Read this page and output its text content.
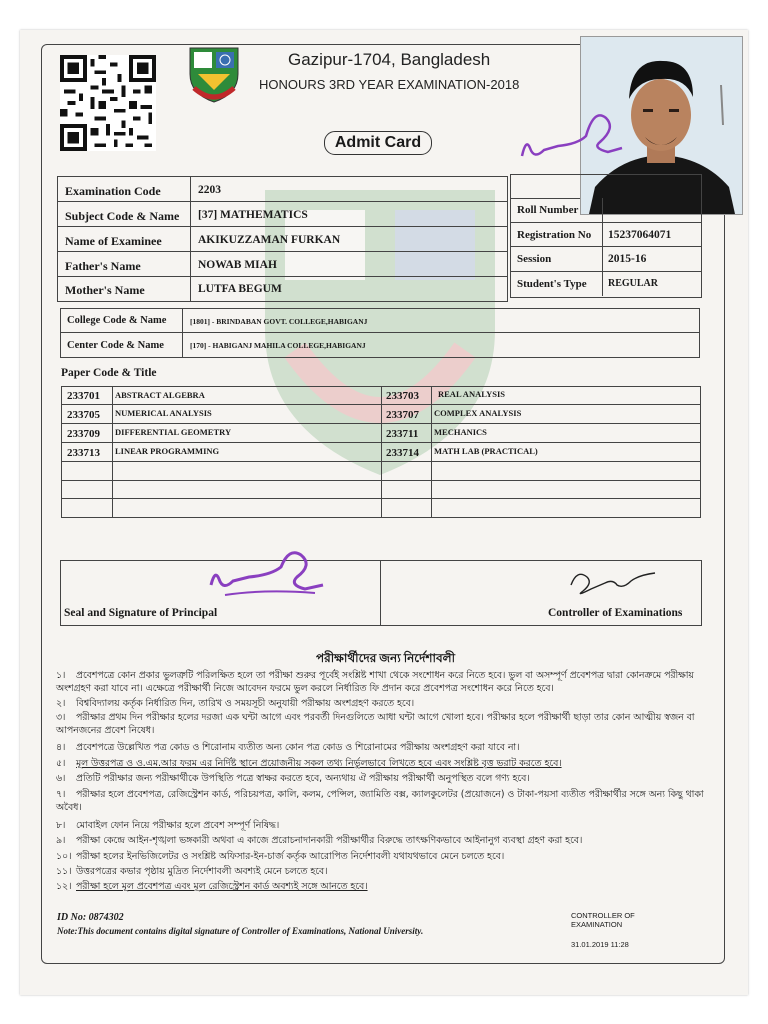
Gazipur-1704, Bangladesh
HONOURS 3RD YEAR EXAMINATION-2018
Admit Card
Examination Code	2203
Subject Code & Name [37] MATHEMATICS
Name of Examinee	AKIKUZZAMAN FURKAN
Father's Name	NOWAB MIAH
Mother's Name	LUTFA BEGUM
Roll Number
Registration No 15237064071
Session	2015-16
Student's Type REGULAR
College Code & Name	[1801] - BRINDABAN GOVT. COLLEGE,HABIGANJ
Center Code & Name	[170] - HABIGANJ MAHILA COLLEGE,HABIGANJ
Paper Code & Title
233701 ABSTRACT ALGEBRA	233703 REAL ANALYSIS
233705 NUMERICAL ANALYSIS	233707 COMPLEX ANALYSIS
233709 DIFFERENTIAL GEOMETRY	233711 MECHANICS
233713 LINEAR PROGRAMMING	233714 MATH LAB (PRACTICAL)
Seal and Signature of Principal	Controller of Examinations
পরীক্ষার্থীদের জন্য নির্দেশাবলী
১। প্রবেশপত্রে কোন প্রকার ভুলত্রুটি পরিলক্ষিত হলে তা পরীক্ষা শুরুর পূর্বেই সংশ্লিষ্ট শাখা থেকে সংশোধন করে নিতে হবে। ভুল বা অসম্পূর্ণ প্রবেশপত্র দ্বারা কোনক্রমে পরীক্ষায় অংশগ্রহণ করা যাবে না। এক্ষেত্রে পরীক্ষার্থী নিজে আবেদন ফরমে ভুল করলে নির্ধারিত ফি প্রদান করে প্রবেশপত্র সংশোধন করে নিতে হবে।
২। বিশ্ববিদ্যালয় কর্তৃক নির্ধারিত দিন, তারিখ ও সময়সূচী অনুযায়ী পরীক্ষায় অংশগ্রহণ করতে হবে।
৩। পরীক্ষার প্রথম দিন পরীক্ষার হলের দরজা এক ঘন্টা আগে এবং পরবর্তী দিনগুলিতে আধা ঘন্টা আগে খোলা হবে। পরীক্ষার হলে পরীক্ষার্থী ছাড়া তার কোন আত্মীয় স্বজন বা আপনজনের প্রবেশ নিষেধ।
৪। প্রবেশপত্রে উল্লেখিত পত্র কোড ও শিরোনাম ব্যতীত অন্য কোন পত্র কোড ও শিরোনামের পরীক্ষায় অংশগ্রহণ করা যাবে না।
৫। মূল উত্তরপত্র ও ও.এম.আর ফরম এর নির্দিষ্ট স্থানে প্রয়োজনীয় সকল তথ্য নির্ভুলভাবে লিখতে হবে এবং সংশ্লিষ্ট বৃত্ত ভরাট করতে হবে।
৬। প্রতিটি পরীক্ষার জন্য পরীক্ষার্থীকে উপস্থিতি পত্রে স্বাক্ষর করতে হবে, অন্যথায় ঐ পরীক্ষায় পরীক্ষার্থী অনুপস্থিত বলে গণ্য হবে।
৭। পরীক্ষার হলে প্রবেশপত্র, রেজিস্ট্রেশন কার্ড, পরিচয়পত্র, কালি, কলম, পেন্সিল, জ্যামিতি বক্স, ক্যালকুলেটর (প্রয়োজনে) ও টাকা-পয়সা ব্যতীত পরীক্ষার্থীর সঙ্গে অন্য কিছু থাকা অবৈধ।
৮। মোবাইল ফোন নিয়ে পরীক্ষার হলে প্রবেশ সম্পূর্ণ নিষিদ্ধ।
৯। পরীক্ষা কেন্দ্রে আইন-শৃঙ্খলা ভঙ্গকারী অথবা এ কাজে প্ররোচনাদানকারী পরীক্ষার্থীর বিরুদ্ধে তাৎক্ষণিকভাবে আইনানুগ ব্যবস্থা গ্রহণ করা হবে।
১০। পরীক্ষা হলের ইনভিজিলেটর ও সংশ্লিষ্ট অফিসার-ইন-চার্জ কর্তৃক আরোপিত নির্দেশাবলী যথাযথভাবে মেনে চলতে হবে।
১১। উত্তরপত্রের কভার পৃষ্ঠায় মুদ্রিত নির্দেশাবলী অবশ্যই মেনে চলতে হবে।
১২। পরীক্ষা হলে মূল প্রবেশপত্র এবং মূল রেজিস্ট্রেশন কার্ড অবশ্যই সঙ্গে আনতে হবে।
ID No: 0874302
Note:This document contains digital signature of Controller of Examinations, National University.
CONTROLLER OF EXAMINATION
31.01.2019 11:28
